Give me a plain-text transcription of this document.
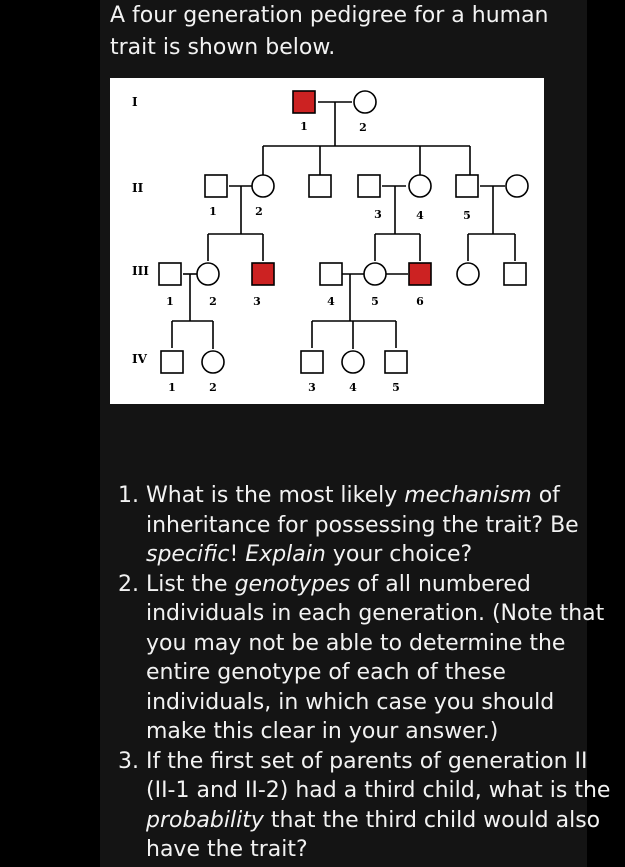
A four generation pedigree for a human trait is shown below.

I
II
III
IV
1	2
1	2	3	4	5
1	2	3	4	5	6
1	2	3	4	5
1. What is the most likely mechanism of inheritance for possessing the trait? Be specific! Explain your choice?
2. List the genotypes of all numbered individuals in each generation. (Note that you may not be able to determine the entire genotype of each of these individuals, in which case you should make this clear in your answer.)
3. If the first set of parents of generation II (II-1 and II-2) had a third child, what is the probability that the third child would also have the trait?
